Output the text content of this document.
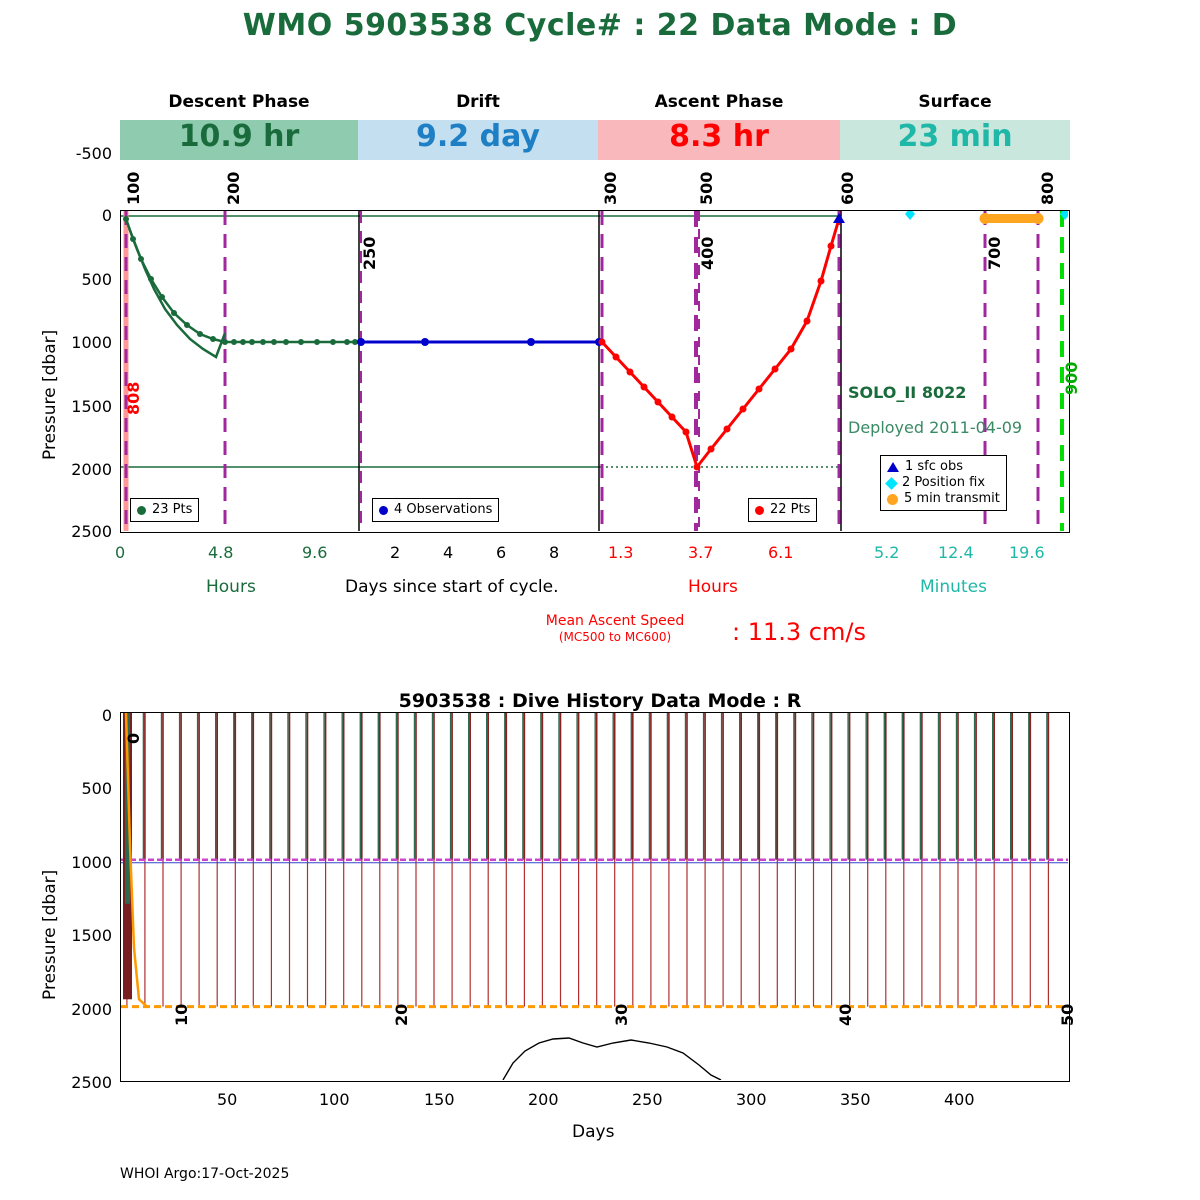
WMO 5903538 Cycle# : 22 Data Mode : D
Descent Phase	Drift	Ascent Phase	Surface
10.9 hr	9.2 day	8.3 hr	23 min
Pressure [dbar]
-500
0
500
1000
1500
2000
2500
100
808
200
250
300
400
500	600
700
800
900
SOLO_II 8022
Deployed 2011-04-09
23 Pts	4 Observations	22 Pts
1 sfc obs
2 Position fix
5 min transmit
0	4.8	9.6	2	4	6	8	1.3	3.7	6.1	5.2 12.4 19.6
Hours	Days since start of cycle.	Hours	Minutes
Mean Ascent Speed
(MC500 to MC600)	: 11.3 cm/s
5903538 : Dive History Data Mode : R
Pressure [dbar]
0
500
1000
1500
2000
2500
0
10	20	30	40	50
50	100	150	200	250	300	350	400
Days
WHOI Argo:17-Oct-2025
